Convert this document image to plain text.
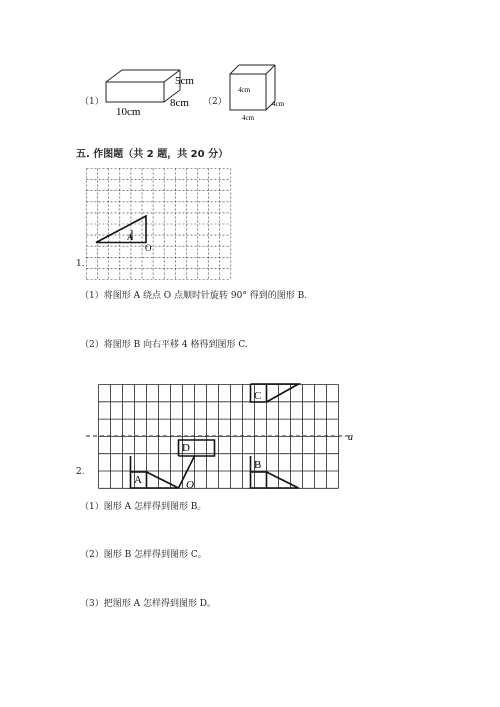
（1）
5cm
8cm
10cm
（2）
4cm
4cm
4cm
五. 作图题（共 2 题，共 20 分）
1.
A
O
（1）将图形 A 绕点 O 点顺时针旋转 90° 得到的图形 B.
（2）将图形 B 向右平移 4 格得到图形 C.
2.
a
A
D
B
C
O
（1）图形 A 怎样得到图形 B。
（2）图形 B 怎样得到图形 C。
（3）把图形 A 怎样得到图形 D。
